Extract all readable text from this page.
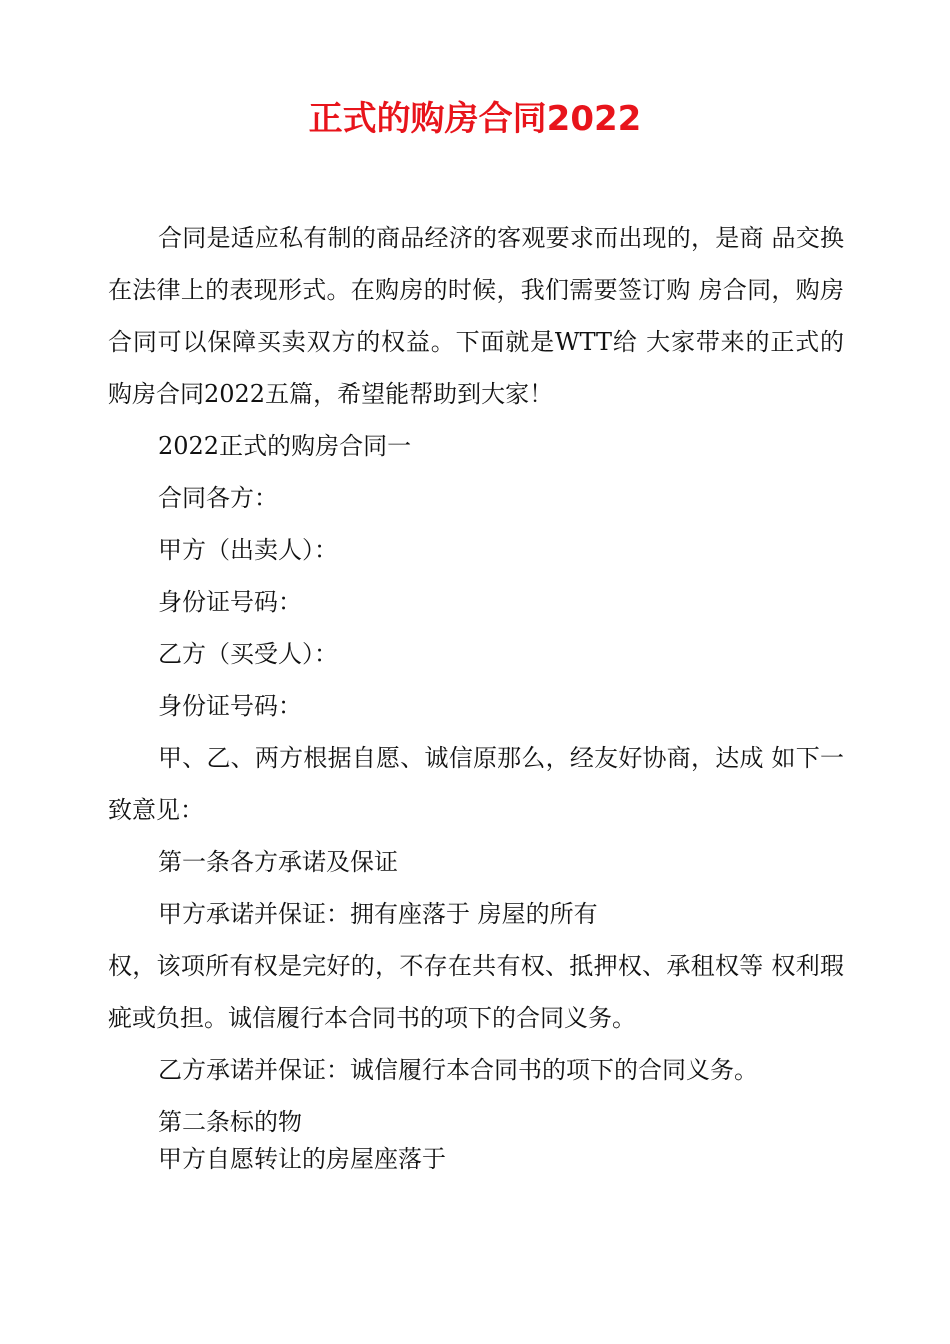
正式的购房合同2022

合同是适应私有制的商品经济的客观要求而出现的，是商 品交换在法律上的表现形式。在购房的时候，我们需要签订购 房合同，购房合同可以保障买卖双方的权益。下面就是WTT给 大家带来的正式的购房合同2022五篇，希望能帮助到大家！

2022正式的购房合同一

合同各方：

甲方（出卖人）：

身份证号码：

乙方（买受人）：

身份证号码：

甲、乙、两方根据自愿、诚信原那么，经友好协商，达成 如下一致意见：

第一条各方承诺及保证

甲方承诺并保证：拥有座落于 房屋的所有

权，该项所有权是完好的，不存在共有权、抵押权、承租权等 权利瑕疵或负担。诚信履行本合同书的项下的合同义务。

乙方承诺并保证：诚信履行本合同书的项下的合同义务。

第二条标的物

甲方自愿转让的房屋座落于
